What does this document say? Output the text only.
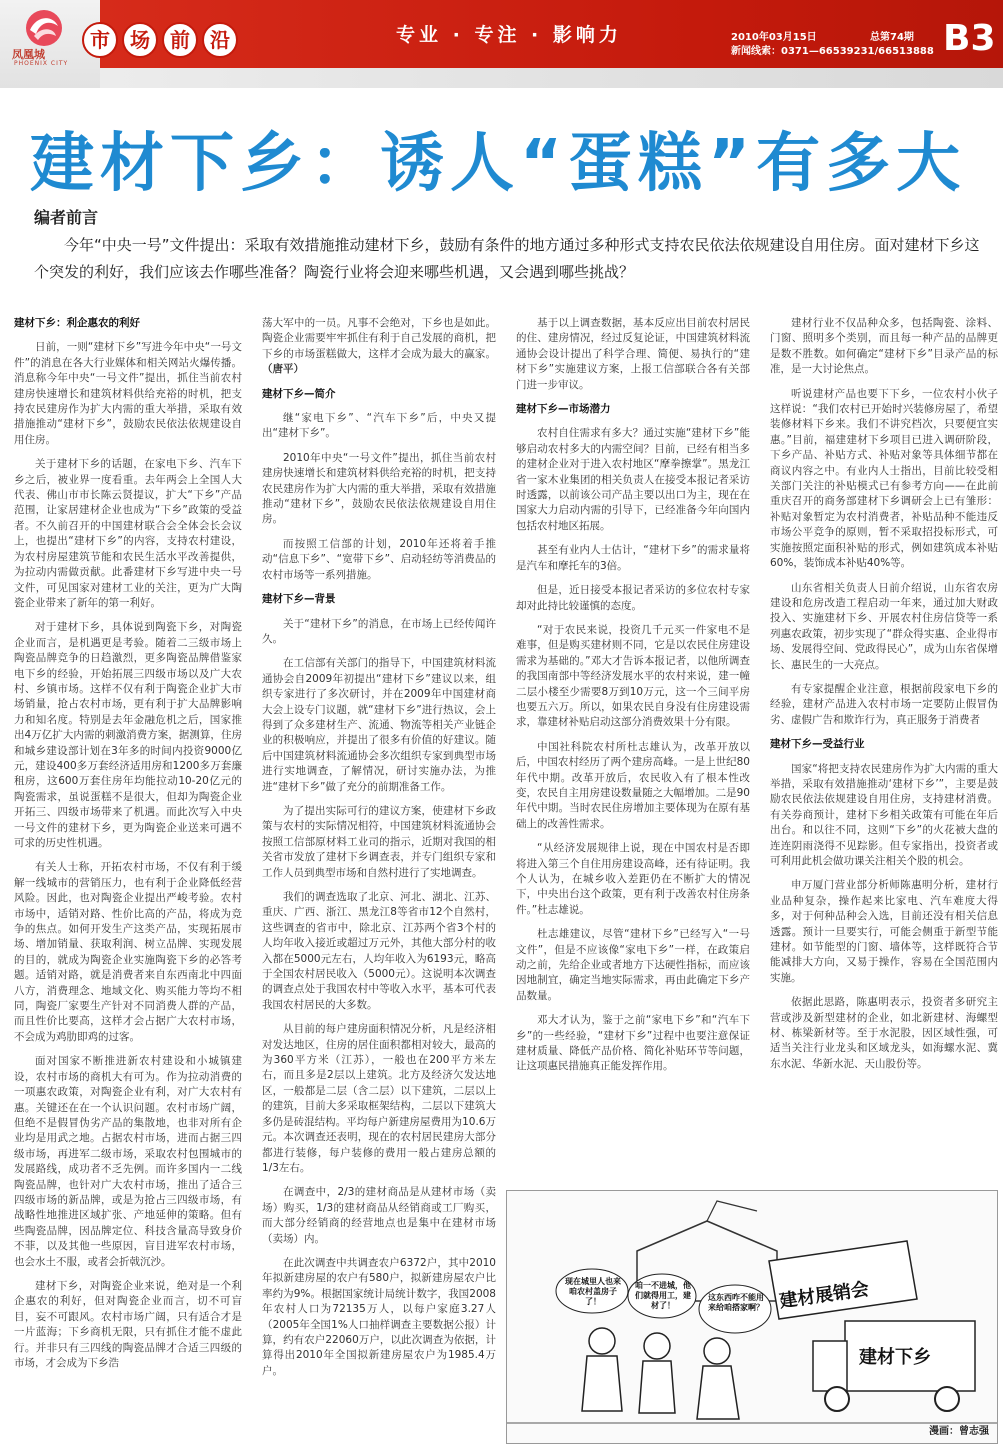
凤凰城
PHOENIX CITY
市	场	前	沿	专业 · 专注 · 影响力	2010年03月15日	总第74期
新闻线索：0371—66539231/66513888 B3
建材下乡：诱人“蛋糕”有多大
编者前言
今年“中央一号”文件提出：采取有效措施推动建材下乡，鼓励有条件的地方通过多种形式支持农民依法依规建设自用住房。面对建材下乡这个突发的利好，我们应该去作哪些准备？陶瓷行业将会迎来哪些机遇，又会遇到哪些挑战？
建材下乡：利企惠农的利好

日前，一则“建材下乡”写进今年中央“一号文件”的消息在各大行业媒体和相关网站火爆传播。消息称今年中央“一号文件”提出，抓住当前农村建房快速增长和建筑材料供给充裕的时机，把支持农民建房作为扩大内需的重大举措，采取有效措施推动“建材下乡”，鼓励农民依法依规建设自用住房。

关于建材下乡的话题，在家电下乡、汽车下乡之后，被业界一度看重。去年两会上全国人大代表、佛山市市长陈云贤提议，扩大“下乡”产品范围，让家居建材企业也成为“下乡”政策的受益者。不久前召开的中国建材联合会全体会长会议上，也提出“建材下乡”的内容，支持农村建设，为农村房屋建筑节能和农民生活水平改善提供，为拉动内需做贡献。此番建材下乡写进中央一号文件，可见国家对建材工业的关注，更为广大陶瓷企业带来了新年的第一利好。

对于建材下乡，具体说到陶瓷下乡，对陶瓷企业而言，是机遇更是考验。随着二三级市场上陶瓷品牌竞争的日趋激烈，更多陶瓷品牌借鉴家电下乡的经验，开始拓展三四级市场以及广大农村、乡镇市场。这样不仅有利于陶瓷企业扩大市场销量，抢占农村市场，更有利于扩大品牌影响力和知名度。特别是去年金融危机之后，国家推出4万亿扩大内需的刺激消费方案，据测算，住房和城乡建设部计划在3年多的时间内投资9000亿元，建设400多万套经济适用房和1200多万套廉租房，这600万套住房年均能拉动10-20亿元的陶瓷需求，虽说蛋糕不是很大，但却为陶瓷企业开拓三、四级市场带来了机遇。而此次写入中央一号文件的建材下乡，更为陶瓷企业送来可遇不可求的历史性机遇。

有关人士称，开拓农村市场，不仅有利于缓解一线城市的营销压力，也有利于企业降低经营风险。因此，也对陶瓷企业提出严峻考验。农村市场中，适销对路、性价比高的产品，将成为竞争的焦点。如何开发生产这类产品，实现拓展市场、增加销量、获取利润、树立品牌、实现发展的目的，就成为陶瓷企业实施陶瓷下乡的必答考题。适销对路，就是消费者来自东西南北中四面八方，消费理念、地域文化、购买能力等均不相同，陶瓷厂家要生产针对不同消费人群的产品，而且性价比要高，这样才会占据广大农村市场，不会成为鸡肋即鸡的过客。

面对国家不断推进新农村建设和小城镇建设，农村市场的商机大有可为。作为拉动消费的一项惠农政策，对陶瓷企业有利，对广大农村有惠。关键还在在一个认识问题。农村市场广阔，但绝不是假冒伪劣产品的集散地，也非对所有企业均是用武之地。占据农村市场，进而占据三四级市场，再进军二级市场，采取农村包围城市的发展路线，成功者不乏先例。而许多国内一二线陶瓷品牌，也针对广大农村市场，推出了适合三四级市场的新品牌，或是为抢占三四级市场，有战略性地推进区域扩张、产地延伸的策略。但有些陶瓷品牌，因品牌定位、科技含量高导致身价不菲，以及其他一些原因，盲目进军农村市场，也会水土不服，或者会折戟沉沙。

建材下乡，对陶瓷企业来说，绝对是一个利企惠农的利好，但对陶瓷企业而言，切不可盲目，妄不可跟风。农村市场广阔，只有适合才是一片蓝海；下乡商机无限，只有抓住才能不虚此行。并非只有三四线的陶瓷品牌才合适三四级的市场，才会成为下乡浩

荡大军中的一员。凡事不会绝对，下乡也是如此。陶瓷企业需要牢牢抓住有利于自己发展的商机，把下乡的市场蛋糕做大，这样才会成为最大的赢家。（唐平）

建材下乡—简介

继“家电下乡”、“汽车下乡”后，中央又提出“建材下乡”。

2010年中央“一号文件”提出，抓住当前农村建房快速增长和建筑材料供给充裕的时机，把支持农民建房作为扩大内需的重大举措，采取有效措施推动“建材下乡”，鼓励农民依法依规建设自用住房。

而按照工信部的计划，2010年还将着手推动“信息下乡”、“宽带下乡”、启动轻纺等消费品的农村市场等一系列措施。

建材下乡—背景

关于“建材下乡”的消息，在市场上已经传闻许久。

在工信部有关部门的指导下，中国建筑材料流通协会自2009年初提出“建材下乡”建议以来，组织专家进行了多次研讨，并在2009年中国建材商大会上设专门议题，就“建材下乡”进行热议，会上得到了众多建材生产、流通、物流等相关产业链企业的积极响应，并提出了很多有价值的好建议。随后中国建筑材料流通协会多次组织专家到典型市场进行实地调查，了解情况，研讨实施办法，为推进“建材下乡”做了充分的前期准备工作。

为了提出实际可行的建议方案，使建材下乡政策与农村的实际情况相符，中国建筑材料流通协会按照工信部原材料工业司的指示，近期对我国的相关省市发放了建材下乡调查表，并专门组织专家和工作人员到典型市场和自然村进行了实地调查。

我们的调查选取了北京、河北、湖北、江苏、重庆、广西、浙江、黑龙江8等省市12个自然村，这些调查的省市中，除北京、江苏两个省3个村的人均年收入接近或超过万元外，其他大部分村的收入都在5000元左右，人均年收入为6193元，略高于全国农村居民收入（5000元）。这说明本次调查的调查点处于我国农村中等收入水平，基本可代表我国农村居民的大多数。

从目前的每户建房面积情况分析，凡是经济相对发达地区，住房的居住面积都相对较大，最高的为360平方米（江苏），一般也在200平方米左右，而且多是2层以上建筑。北方及经济欠发达地区，一般都是二层（含二层）以下建筑，二层以上的建筑，目前大多采取框架结构，二层以下建筑大多仍是砖混结构。平均每户新建房屋费用为10.6万元。本次调查还表明，现在的农村居民建房大部分都进行装修，每户装修的费用一般占建房总额的1/3左右。

在调查中，2/3的建材商品是从建材市场（卖场）购买，1/3的建材商品从经销商或工厂购买，而大部分经销商的经营地点也是集中在建材市场（卖场）内。

在此次调查中共调查农户6372户，其中2010年拟新建房屋的农户有580户，拟新建房屋农户比率约为9%。根据国家统计局统计数字，我国2008年农村人口为72135万人，以每户家庭3.27人（2005年全国1%人口抽样调查主要数据公报）计算，约有农户22060万户，以此次调查为依据，计算得出2010年全国拟新建房屋农户为1985.4万户。

基于以上调查数据，基本反应出目前农村居民的住、建房情况，经过反复论证，中国建筑材料流通协会设计提出了科学合理、简便、易执行的“建材下乡”实施建议方案，上报工信部联合各有关部门进一步审议。

建材下乡—市场潜力

农村自住需求有多大？通过实施“建材下乡”能够启动农村多大的内需空间？目前，已经有相当多的建材企业对于进入农村地区“摩拳擦掌”。黑龙江省一家木业集团的相关负责人在接受本报记者采访时透露，以前该公司产品主要以出口为主，现在在国家大力启动内需的引导下，已经准备今年向国内包括农村地区拓展。

甚至有业内人士估计，“建材下乡”的需求量将是汽车和摩托车的3倍。

但是，近日接受本报记者采访的多位农村专家却对此持比较谨慎的态度。

“对于农民来说，投资几千元买一件家电不是难事，但是购买建材则不同，它是以农民住房建设需求为基础的。”邓大才告诉本报记者，以他所调查的我国南部中等经济发展水平的农村来说，建一幢二层小楼至少需要8万到10万元，这一个三间平房也要五六万。所以，如果农民自身没有住房建设需求，靠建材补贴启动这部分消费效果十分有限。

中国社科院农村所杜志雄认为，改革开放以后，中国农村经历了两个建房高峰。一是上世纪80年代中期。改革开放后，农民收入有了根本性改变，农民自主用房建设数量随之大幅增加。二是90年代中期。当时农民住房增加主要体现为在原有基础上的改善性需求。

“从经济发展规律上说，现在中国农村是否即将进入第三个自住用房建设高峰，还有待证明。我个人认为，在城乡收入差距仍在不断扩大的情况下，中央出台这个政策，更有利于改善农村住房条件。”杜志雄说。

杜志雄建议，尽管“建材下乡”已经写入“一号文件”，但是不应该像“家电下乡”一样，在政策启动之前，先给企业或者地方下达硬性指标，而应该因地制宜，确定当地实际需求，再由此确定下乡产品数量。

邓大才认为，鉴于之前“家电下乡”和“汽车下乡”的一些经验，“建材下乡”过程中也要注意保证建材质量、降低产品价格、简化补贴环节等问题，让这项惠民措施真正能发挥作用。

建材行业不仅品种众多，包括陶瓷、涂料、门窗、照明多个类别，而且每一种产品的品牌更是数不胜数。如何确定“建材下乡”目录产品的标准，是一大讨论焦点。

听说建材产品也要下下乡，一位农村小伙子这样说：“我们农村已开始时兴装修房屋了，希望装修材料下乡来。我们不讲究档次，只要便宜实惠。”目前，福建建材下乡项目已进入调研阶段，下乡产品、补贴方式、补贴对象等具体细节都在商议内容之中。有业内人士指出，目前比较受相关部门关注的补贴模式已有参考方向——在此前重庆召开的商务部建材下乡调研会上已有雏形：补贴对象暂定为农村消费者，补贴品种不能违反市场公平竞争的原则，暂不采取招投标形式，可实施按照定面积补贴的形式，例如建筑成本补贴60%，装饰成本补贴40%等。

山东省相关负责人日前介绍说，山东省农房建设和危房改造工程启动一年来，通过加大财政投入、实施建材下乡、开展农村住房信贷等一系列惠农政策，初步实现了“群众得实惠、企业得市场、发展得空间、党政得民心”，成为山东省保增长、惠民生的一大亮点。

有专家提醒企业注意，根据前段家电下乡的经验，建材产品进入农村市场一定要防止假冒伪劣、虚假广告和欺诈行为，真正服务于消费者

建材下乡—受益行业

国家“将把支持农民建房作为扩大内需的重大举措，采取有效措施推动‘建材下乡’”，主要是鼓励农民依法依规建设自用住房，支持建材消费。有关券商预计，建材下乡相关政策有可能在年后出台。和以往不同，这则“下乡”的火花被大盘的连连阴雨浇得不见踪影。但专家指出，投资者或可利用此机会做功课关注相关个股的机会。

申万厦门营业部分析师陈惠明分析，建材行业品种复杂，操作起来比家电、汽车难度大得多，对于何种品种会入选，目前还没有相关信息透露。预计一旦要实行，可能会侧重于新型节能建材。如节能型的门窗、墙体等，这样既符合节能减排大方向，又易于操作，容易在全国范围内实施。

依据此思路，陈惠明表示，投资者多研究主营或涉及新型建材的企业，如北新建材、海螺型材、栋梁新材等。至于水泥股，因区域性强，可适当关注行业龙头和区域龙头，如海螺水泥、冀东水泥、华新水泥、天山股份等。

现在城里人也来咱农村盖房子了！
咱一不进城，他们就得用工，建材了！
这东西咋不能用来给咱搭家啊？ 建材展销会
建材下乡
漫画：曾志强
